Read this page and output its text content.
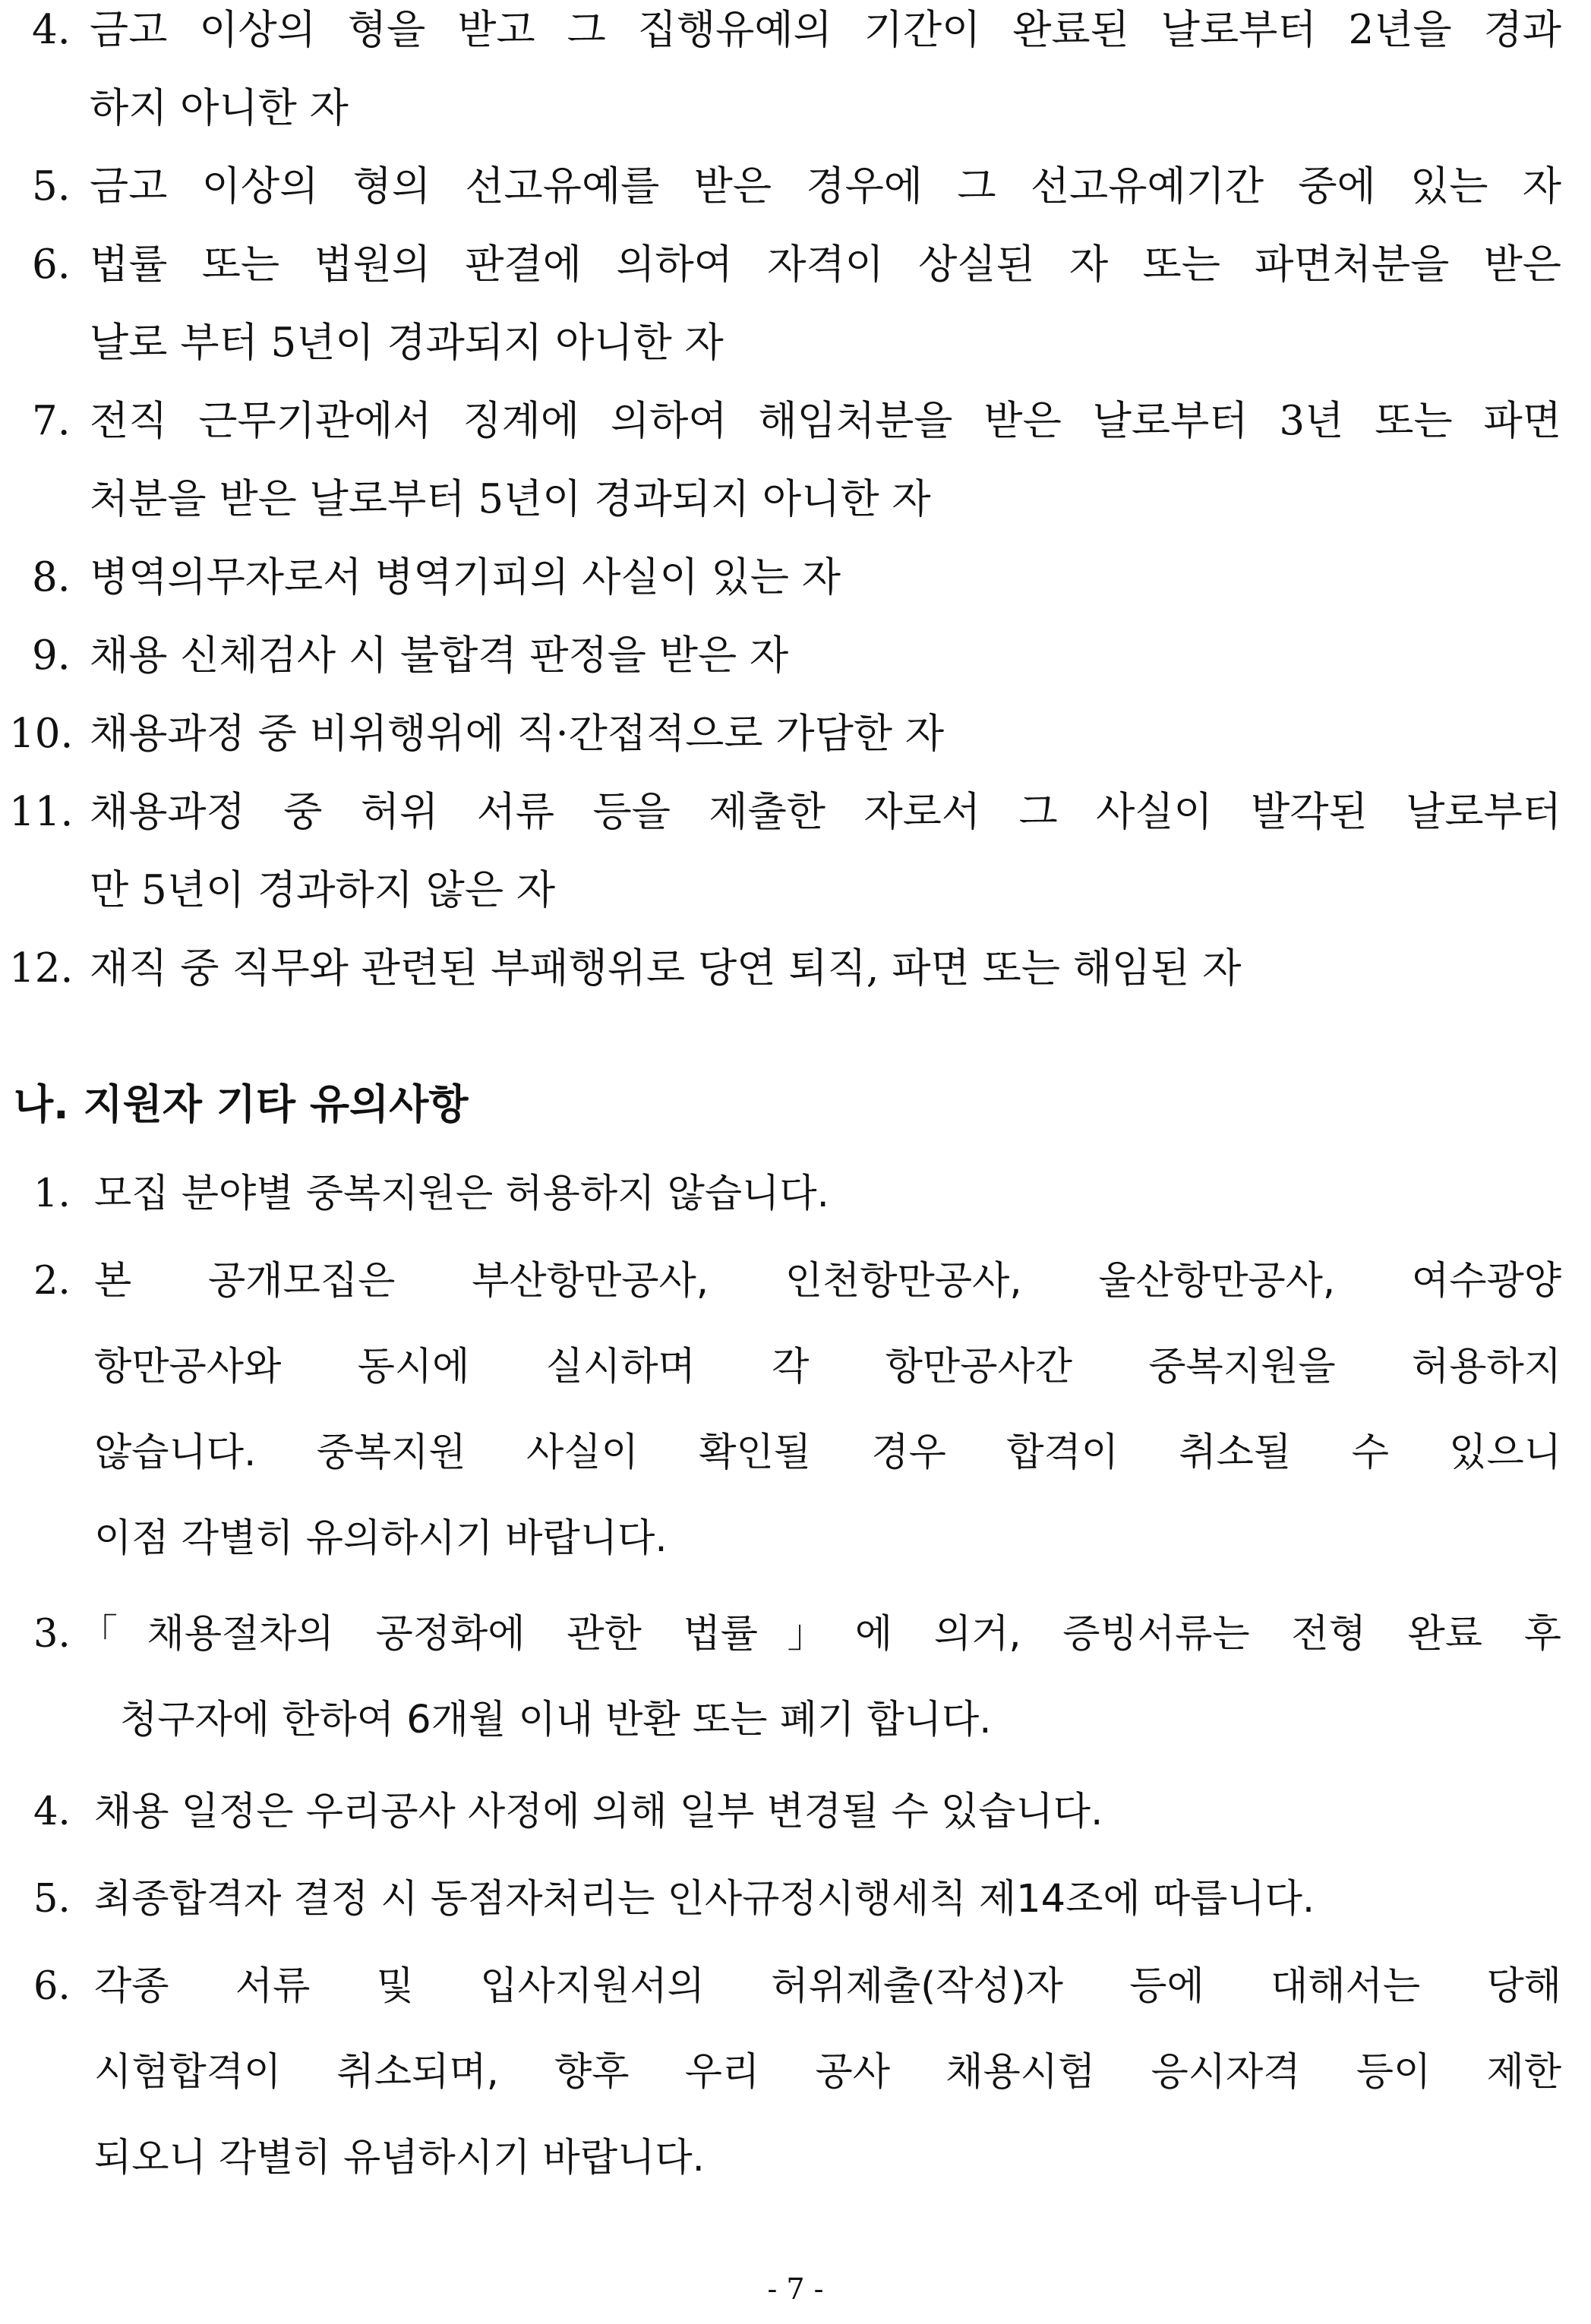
4. 금고 이상의 형을 받고 그 집행유예의 기간이 완료된 날로부터 2년을 경과
하지 아니한 자
5. 금고 이상의 형의 선고유예를 받은 경우에 그 선고유예기간 중에 있는 자
6. 법률 또는 법원의 판결에 의하여 자격이 상실된 자 또는 파면처분을 받은
날로 부터 5년이 경과되지 아니한 자
7. 전직 근무기관에서 징계에 의하여 해임처분을 받은 날로부터 3년 또는 파면
처분을 받은 날로부터 5년이 경과되지 아니한 자
8. 병역의무자로서 병역기피의 사실이 있는 자
9. 채용 신체검사 시 불합격 판정을 받은 자
10. 채용과정 중 비위행위에 직·간접적으로 가담한 자
11. 채용과정 중 허위 서류 등을 제출한 자로서 그 사실이 발각된 날로부터
만 5년이 경과하지 않은 자
12. 재직 중 직무와 관련된 부패행위로 당연 퇴직, 파면 또는 해임된 자
나. 지원자 기타 유의사항
1. 모집 분야별 중복지원은 허용하지 않습니다.
2. 본 공개모집은 부산항만공사, 인천항만공사, 울산항만공사, 여수광양
항만공사와 동시에 실시하며 각 항만공사간 중복지원을 허용하지
않습니다. 중복지원 사실이 확인될 경우 합격이 취소될 수 있으니
이점 각별히 유의하시기 바랍니다.
3. 「채용절차의 공정화에 관한 법률」에 의거, 증빙서류는 전형 완료 후
청구자에 한하여 6개월 이내 반환 또는 폐기 합니다.
4. 채용 일정은 우리공사 사정에 의해 일부 변경될 수 있습니다.
5. 최종합격자 결정 시 동점자처리는 인사규정시행세칙 제14조에 따릅니다.
6. 각종 서류 및 입사지원서의 허위제출(작성)자 등에 대해서는 당해
시험합격이 취소되며, 향후 우리 공사 채용시험 응시자격 등이 제한
되오니 각별히 유념하시기 바랍니다.
- 7 -
